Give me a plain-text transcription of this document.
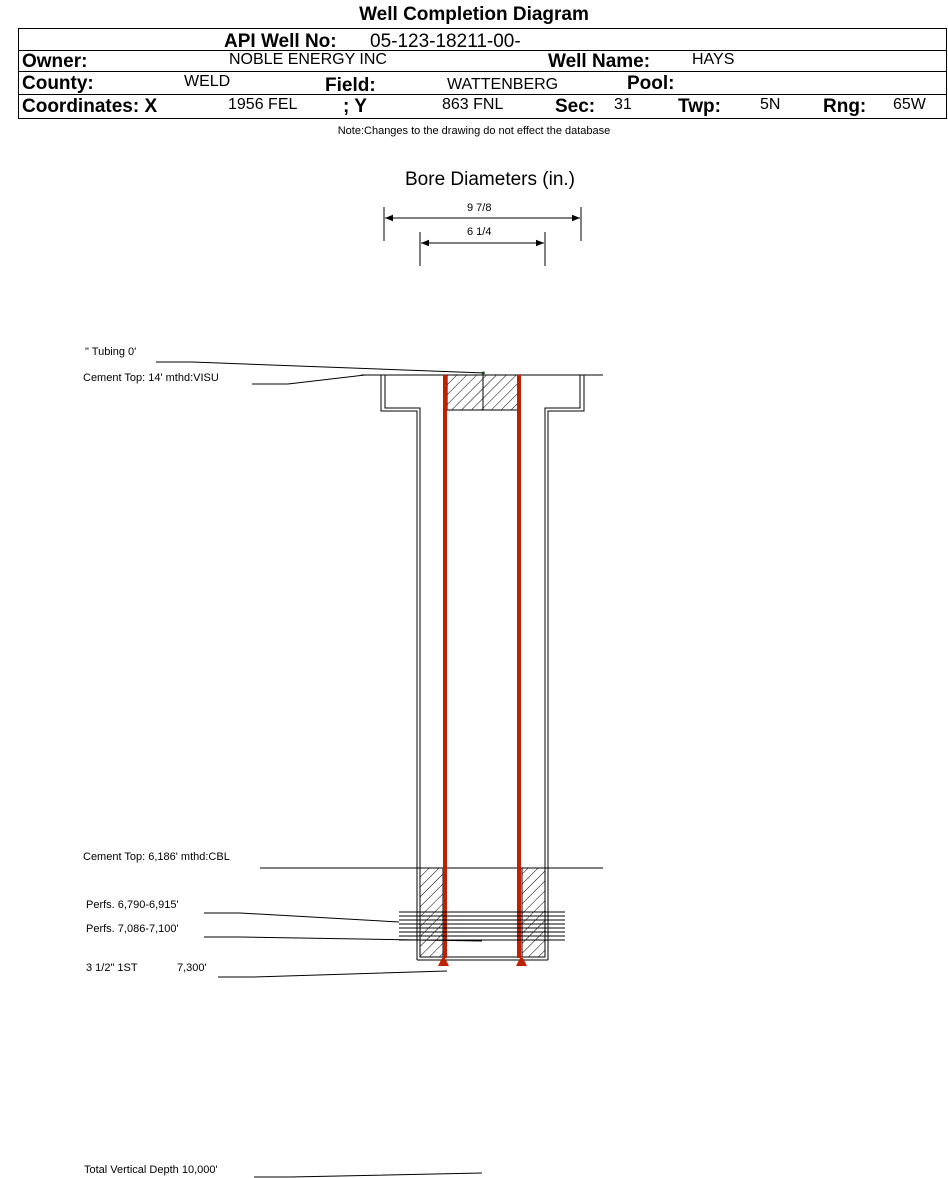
Well Completion Diagram
API Well No: 05-123-18211-00-
Owner:	NOBLE ENERGY INC	Well Name:	HAYS
County:	WELD	Field:	WATTENBERG	Pool:
Coordinates: X	1956 FEL ; Y	863 FNL	Sec: 31 Twp: 5N Rng: 65W
Note:Changes to the drawing do not effect the database
Bore Diameters (in.)
9 7/8
6 1/4
" Tubing 0'
Cement Top: 14' mthd:VISU
Cement Top: 6,186' mthd:CBL
Perfs. 6,790-6,915'
Perfs. 7,086-7,100'
3 1/2" 1ST	7,300'
Total Vertical Depth 10,000'
